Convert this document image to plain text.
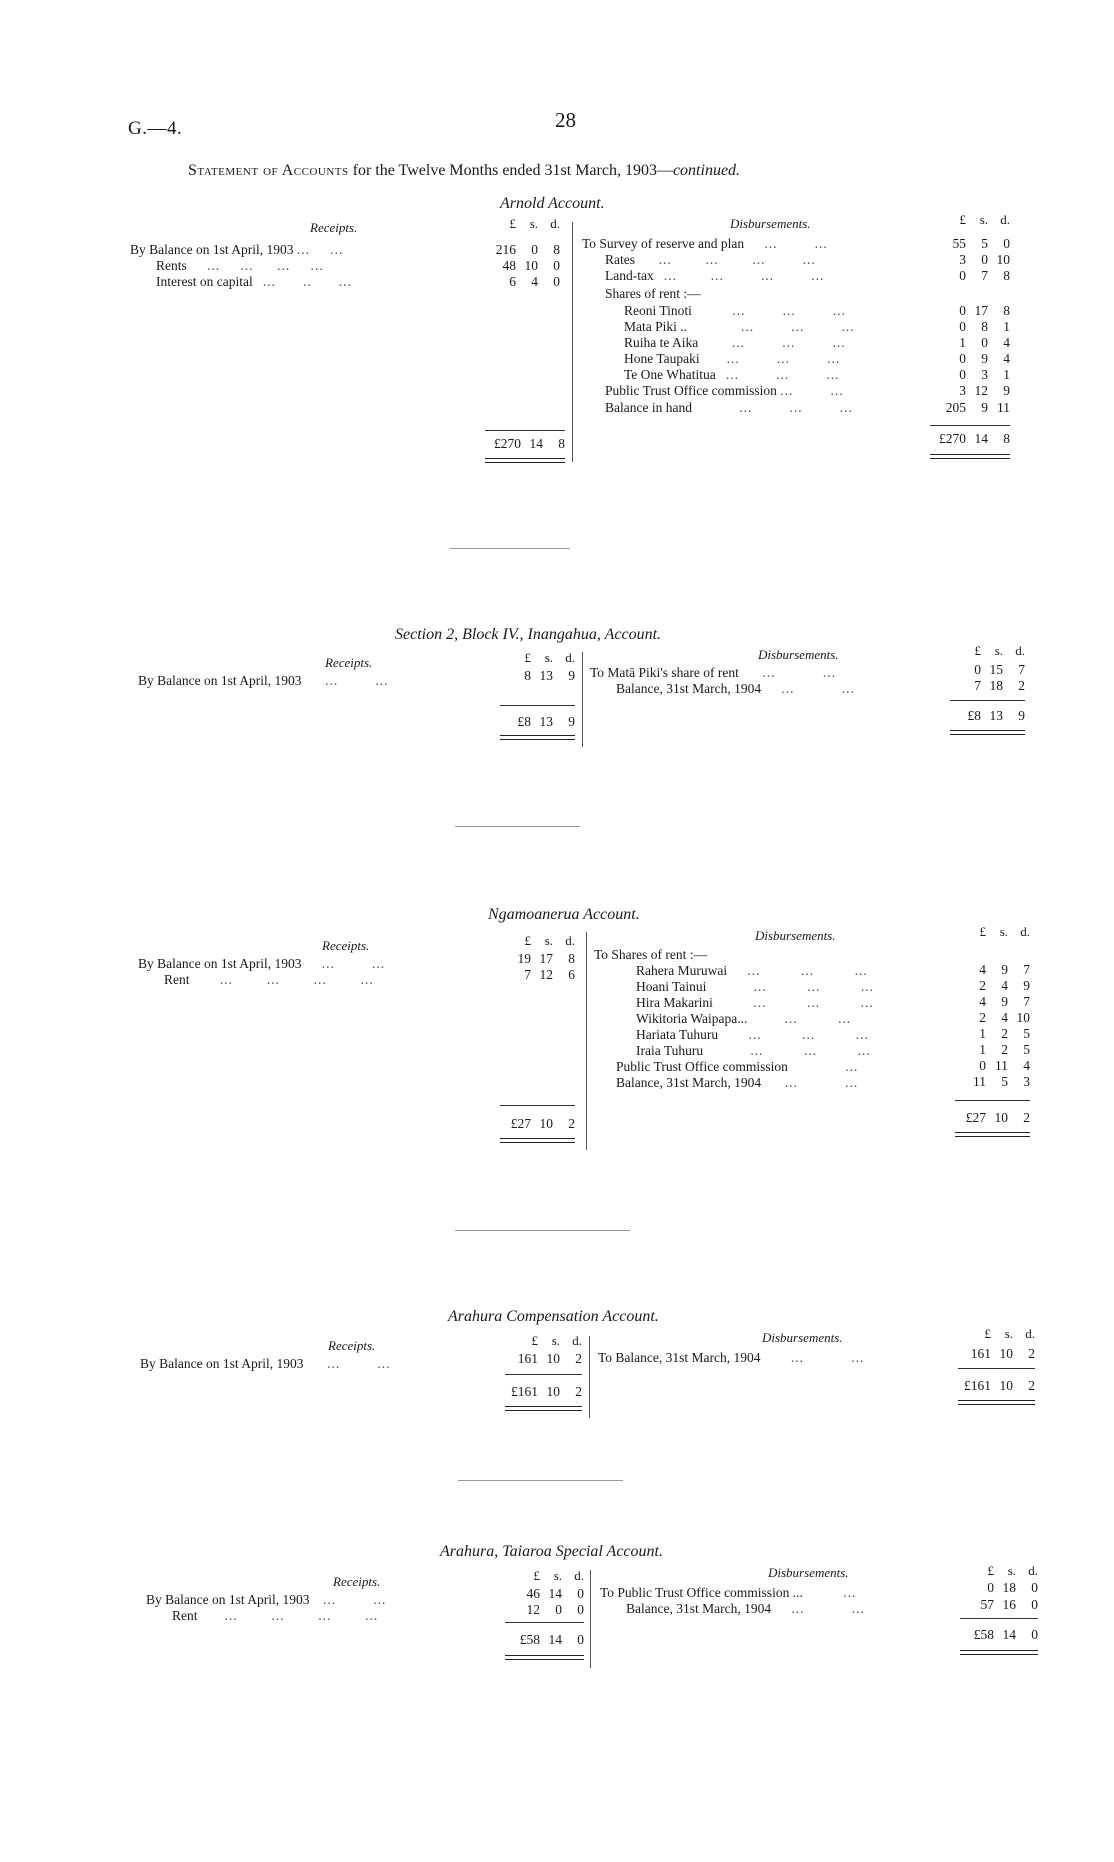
G.—4.	28
Statement of Accounts for the Twelve Months ended 31st March, 1903—continued.
Arnold Account.
Receipts.	£ s. d.	Disbursements.	£ s. d.
By Balance on 1st April, 1903 ... ...	216 0 8
Rents ... ... ... ...	48 10 0
Interest on capital ... .. ...	6 4 0
To Survey of reserve and plan ...	...	55 5 0
Rates ...	...	...	...	3 0 10
Land-tax ...	...	...	...	0 7 8
Shares of rent :—
Reoni Tinoti	...	...	...	0 17 8
Mata Piki ..	...	...	...	0 8 1
Ruiha te Aika	...	...	...	1 0 4
Hone Taupaki ...	...	...	0 9 4
Te One Whatitua ...	...	...	0 3 1
Public Trust Office commission ...	...	3 12 9
Balance in hand	...	...	...	205 9 11
£270 14 8	£270 14 8
Section 2, Block IV., Inangahua, Account.
Receipts.	£ s. d.	Disbursements.	£ s. d.
By Balance on 1st April, 1903 ...	...	8 13 9 To Matā Piki's share of rent ...	...	0 15 7
Balance, 31st March, 1904 ...	...	7 18 2
£8 13 9	£8 13 9
Ngamoanerua Account.
Receipts.	£ s. d.	Disbursements.	£ s. d.
By Balance on 1st April, 1903 ...	...	19 17 8
Rent ...	...	...	...	7 12 6
To Shares of rent :—
Rahera Muruwai ...	...	...	4 9 7
Hoani Tainui	...	...	...	2 4 9
Hira Makarini	...	...	...	4 9 7
Wikitoria Waipapa...	...	...	2 4 10
Hariata Tuhuru ...	...	...	1 2 5
Iraia Tuhuru	...	...	...	1 2 5
Public Trust Office commission	...	0 11 4
Balance, 31st March, 1904 ...	...	11 5 3
£27 10 2	£27 10 2
Arahura Compensation Account.
Receipts.	£ s. d.	Disbursements.	£ s. d.
By Balance on 1st April, 1903 ...	...	161 10 2 To Balance, 31st March, 1904 ...	...	161 10 2
£161 10 2	£161 10 2
Arahura, Taiaroa Special Account.
Receipts.	£ s. d.	Disbursements.	£ s. d.
By Balance on 1st April, 1903 ...	...	46 14 0
Rent ...	...	...	...	12 0 0
To Public Trust Office commission ...	...	0 18 0
Balance, 31st March, 1904 ...	...	57 16 0
£58 14 0	£58 14 0
